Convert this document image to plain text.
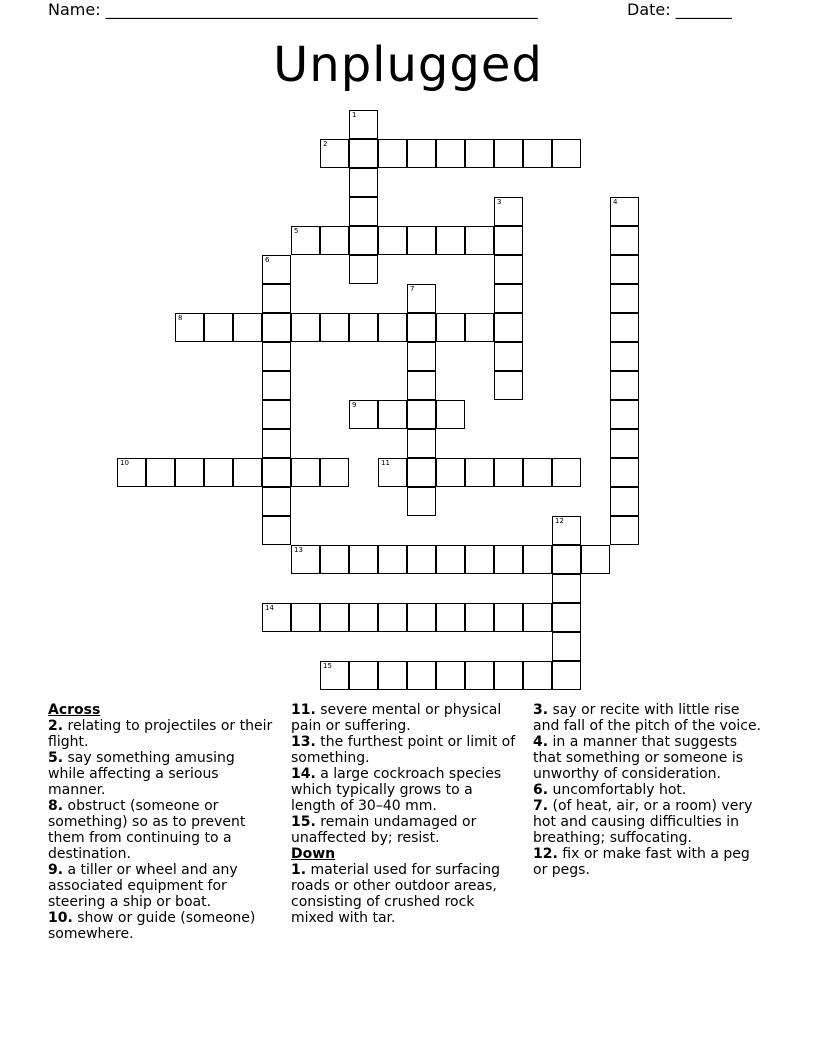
Name: ______________________________________________________	Date: _______
Unplugged
1
2
3	4
5
6
7
8
9
10	11
12
13
14
15
Across
2. relating to projectiles or their flight.
5. say something amusing while affecting a serious manner.
8. obstruct (someone or something) so as to prevent them from continuing to a destination.
9. a tiller or wheel and any associated equipment for steering a ship or boat.
10. show or guide (someone) somewhere.
11. severe mental or physical pain or suffering.
13. the furthest point or limit of something.
14. a large cockroach species which typically grows to a length of 30–40 mm.
15. remain undamaged or unaffected by; resist.
Down
1. material used for surfacing roads or other outdoor areas, consisting of crushed rock mixed with tar.
3. say or recite with little rise and fall of the pitch of the voice.
4. in a manner that suggests that something or someone is unworthy of consideration.
6. uncomfortably hot.
7. (of heat, air, or a room) very hot and causing difficulties in breathing; suffocating.
12. fix or make fast with a peg or pegs.
